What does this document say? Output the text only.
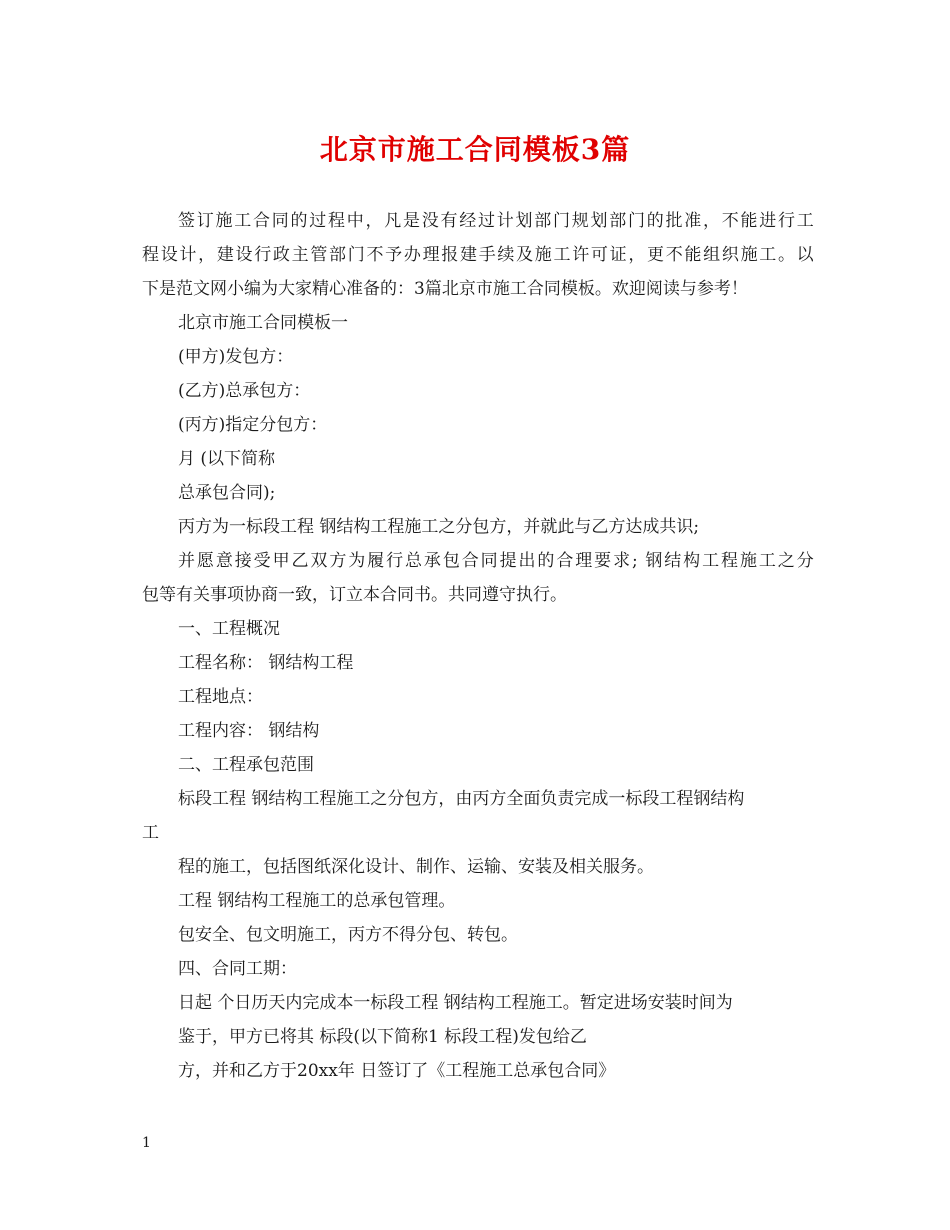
北京市施工合同模板3篇
签订施工合同的过程中，凡是没有经过计划部门规划部门的批准，不能进行工
程设计，建设行政主管部门不予办理报建手续及施工许可证，更不能组织施工。以
下是范文网小编为大家精心准备的：3篇北京市施工合同模板。欢迎阅读与参考！
北京市施工合同模板一
(甲方)发包方：
(乙方)总承包方：
(丙方)指定分包方：
月 (以下简称
总承包合同);
丙方为一标段工程 钢结构工程施工之分包方，并就此与乙方达成共识;
并愿意接受甲乙双方为履行总承包合同提出的合理要求; 钢结构工程施工之分
包等有关事项协商一致，订立本合同书。共同遵守执行。
一、工程概况
工程名称： 钢结构工程
工程地点：
工程内容： 钢结构
二、工程承包范围
标段工程 钢结构工程施工之分包方，由丙方全面负责完成一标段工程钢结构
工
程的施工，包括图纸深化设计、制作、运输、安装及相关服务。
工程 钢结构工程施工的总承包管理。
包安全、包文明施工，丙方不得分包、转包。
四、合同工期：
日起 个日历天内完成本一标段工程 钢结构工程施工。暂定进场安装时间为
鉴于，甲方已将其 标段(以下简称1 标段工程)发包给乙
方，并和乙方于20xx年 日签订了《工程施工总承包合同》
1
